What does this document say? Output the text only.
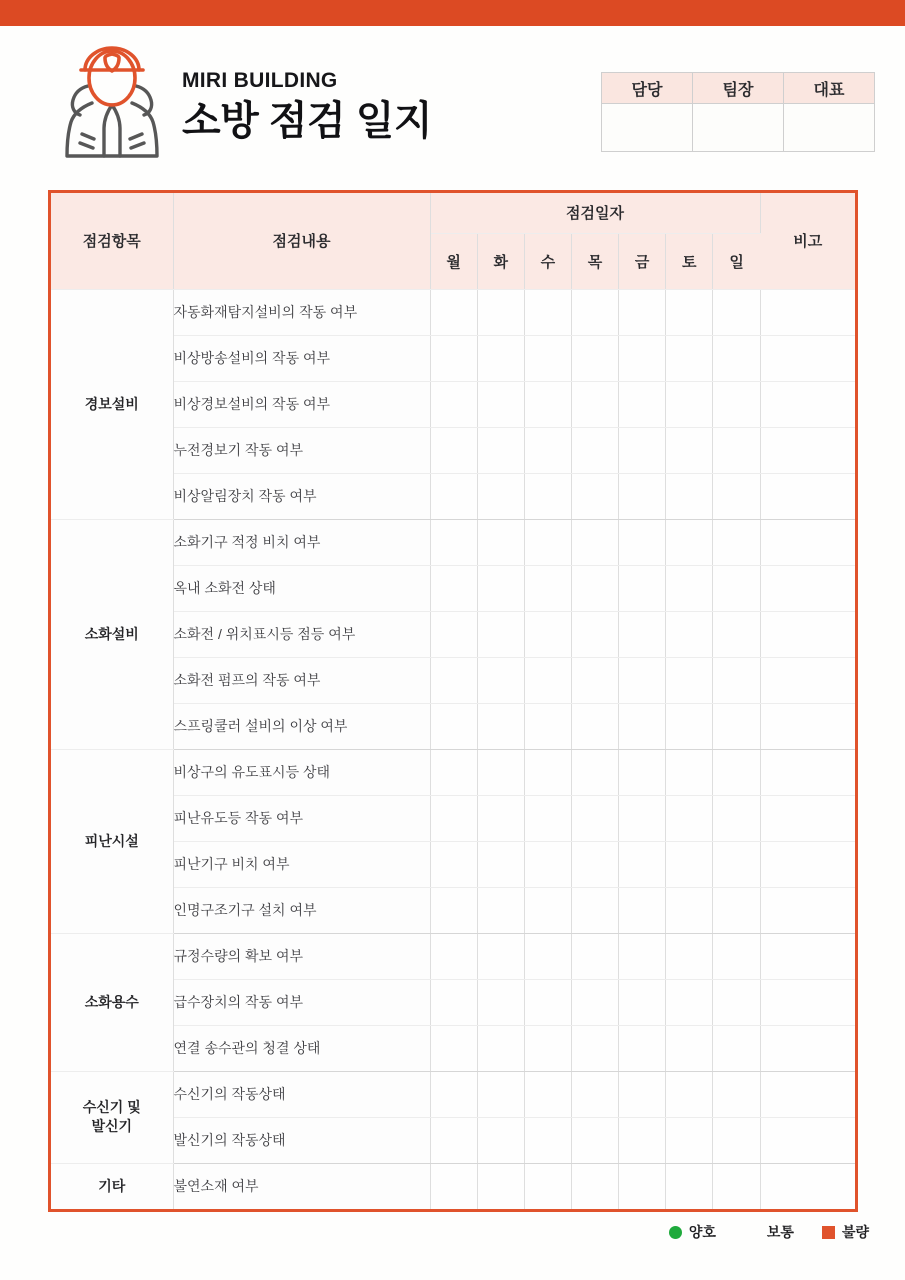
MIRI BUILDING
소방 점검 일지
담당	팀장	대표
점검항목	점검내용	점검일자							비고
		월	화	수	목	금	토	일	
경보설비	자동화재탐지설비의 작동 여부								
	비상방송설비의 작동 여부								
	비상경보설비의 작동 여부								
	누전경보기 작동 여부								
	비상알림장치 작동 여부								
소화설비	소화기구 적정 비치 여부								
	옥내 소화전 상태								
	소화전 / 위치표시등 점등 여부								
	소화전 펌프의 작동 여부								
	스프링쿨러 설비의 이상 여부								
피난시설	비상구의 유도표시등 상태								
	피난유도등 작동 여부								
	피난기구 비치 여부								
	인명구조기구 설치 여부								
소화용수	규정수량의 확보 여부								
	급수장치의 작동 여부								
	연결 송수관의 청결 상태								
수신기 및
발신기	수신기의 작동상태								
	발신기의 작동상태								
기타	불연소재 여부								
양호	보통	불량
